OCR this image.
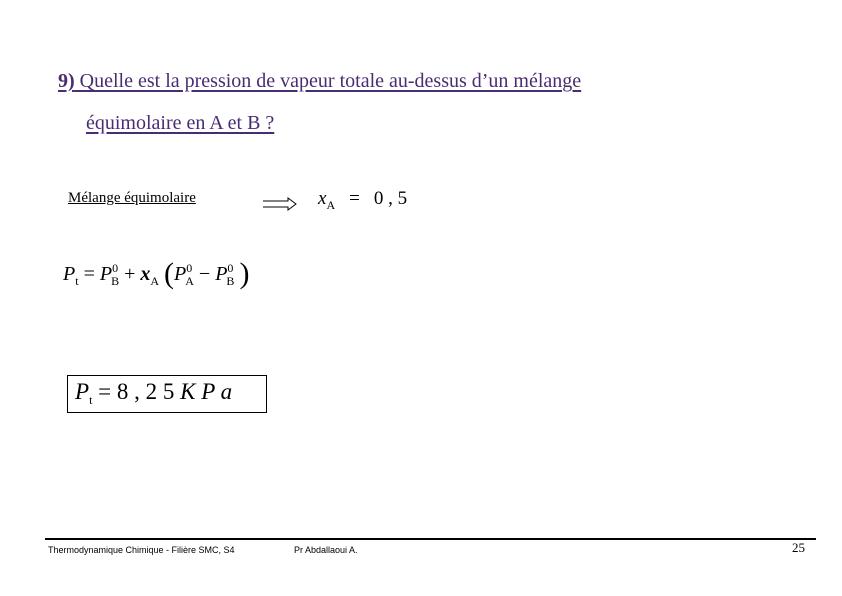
9) Quelle est la pression de vapeur totale au-dessus d’un mélange
équimolaire en A et B ?
Mélange équimolaire	$x_A = 0$ , 5
$P_t = P^0_B + x_A$ ($P^0_A - P^0_B$ )
$P_t = 8$ , 2 5 K P a
Thermodynamique Chimique - Filière SMC, S4	Pr Abdallaoui A.	25
